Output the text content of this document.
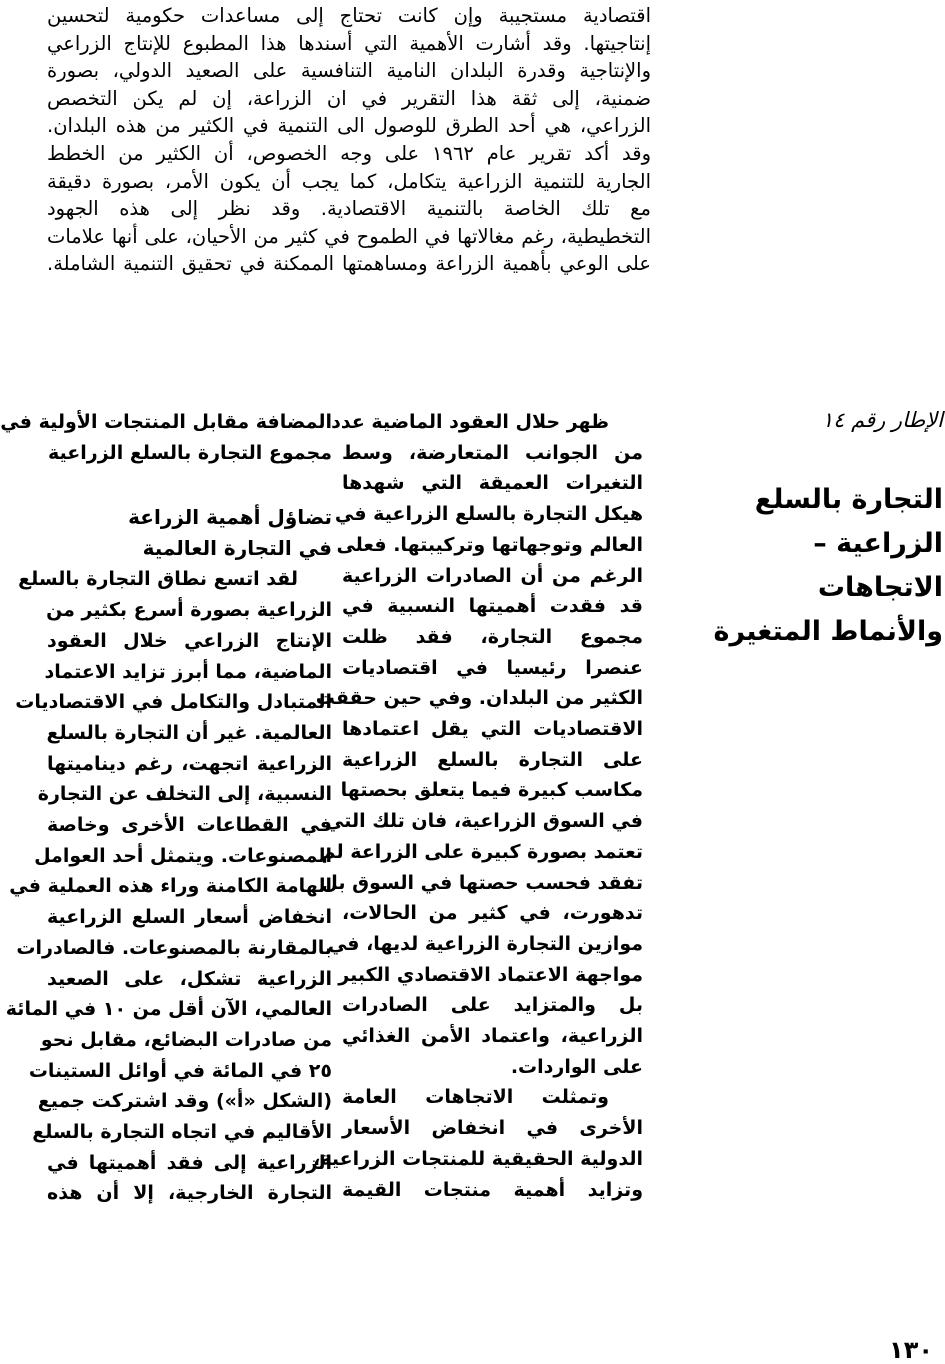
اقتصادية مستجيبة وإن كانت تحتاج إلى مساعدات حكومية لتحسين
إنتاجيتها. وقد أشارت الأهمية التي أسندها هذا المطبوع للإنتاج الزراعي
والإنتاجية وقدرة البلدان النامية التنافسية على الصعيد الدولي، بصورة
ضمنية، إلى ثقة هذا التقرير في ان الزراعة، إن لم يكن التخصص
الزراعي، هي أحد الطرق للوصول الى التنمية في الكثير من هذه البلدان.
وقد أكد تقرير عام ١٩٦٢ على وجه الخصوص، أن الكثير من الخطط
الجارية للتنمية الزراعية يتكامل، كما يجب أن يكون الأمر، بصورة دقيقة
مع تلك الخاصة بالتنمية الاقتصادية. وقد نظر إلى هذه الجهود
التخطيطية، رغم مغالاتها في الطموح في كثير من الأحيان، على أنها علامات
على الوعي بأهمية الزراعة ومساهمتها الممكنة في تحقيق التنمية الشاملة.
الإطار رقم ١٤
التجارة بالسلع
الزراعية – الاتجاهات
والأنماط المتغيرة
ظهر حلال العقود الماضية عدد
من الجوانب المتعارضة، وسط
التغيرات العميقة التي شهدها
هيكل التجارة بالسلع الزراعية في
العالم وتوجهاتها وتركيبتها. فعلى
الرغم من أن الصادرات الزراعية
قد فقدت أهميتها النسبية في
مجموع التجارة، فقد ظلت
عنصرا رئيسيا في اقتصاديات
الكثير من البلدان. وفي حين حققت
الاقتصاديات التي يقل اعتمادها
على التجارة بالسلع الزراعية
مكاسب كبيرة فيما يتعلق بحصتها
في السوق الزراعية، فان تلك التي
تعتمد بصورة كبيرة على الزراعة لم
تفقد فحسب حصتها في السوق بل
تدهورت، في كثير من الحالات،
موازين التجارة الزراعية لديها، في
مواجهة الاعتماد الاقتصادي الكبير
بل والمتزايد على الصادرات
الزراعية، واعتماد الأمن الغذائي
على الواردات.
وتمثلت الاتجاهات العامة
الأخرى في انخفاض الأسعار
الدولية الحقيقية للمنتجات الزراعية،
وتزايد أهمية منتجات القيمة
المضافة مقابل المنتجات الأولية في
مجموع التجارة بالسلع الزراعية
تضاؤل أهمية الزراعة
في التجارة العالمية
لقد اتسع نطاق التجارة بالسلع
الزراعية بصورة أسرع بكثير من
الإنتاج الزراعي خلال العقود
الماضية، مما أبرز تزايد الاعتماد
المتبادل والتكامل في الاقتصاديات
العالمية. غير أن التجارة بالسلع
الزراعية اتجهت، رغم ديناميتها
النسبية، إلى التخلف عن التجارة
في القطاعات الأخرى وخاصة
المصنوعات. ويتمثل أحد العوامل
الهامة الكامنة وراء هذه العملية في
انخفاض أسعار السلع الزراعية
بالمقارنة بالمصنوعات. فالصادرات
الزراعية تشكل، على الصعيد
العالمي، الآن أقل من ١٠ في المائة
من صادرات البضائع، مقابل نحو
٢٥ في المائة في أوائل الستينات
(الشكل «أ») وقد اشتركت جميع
الأقاليم في اتجاه التجارة بالسلع
الزراعية إلى فقد أهميتها في
التجارة الخارجية، إلا أن هذه
١٣٠
